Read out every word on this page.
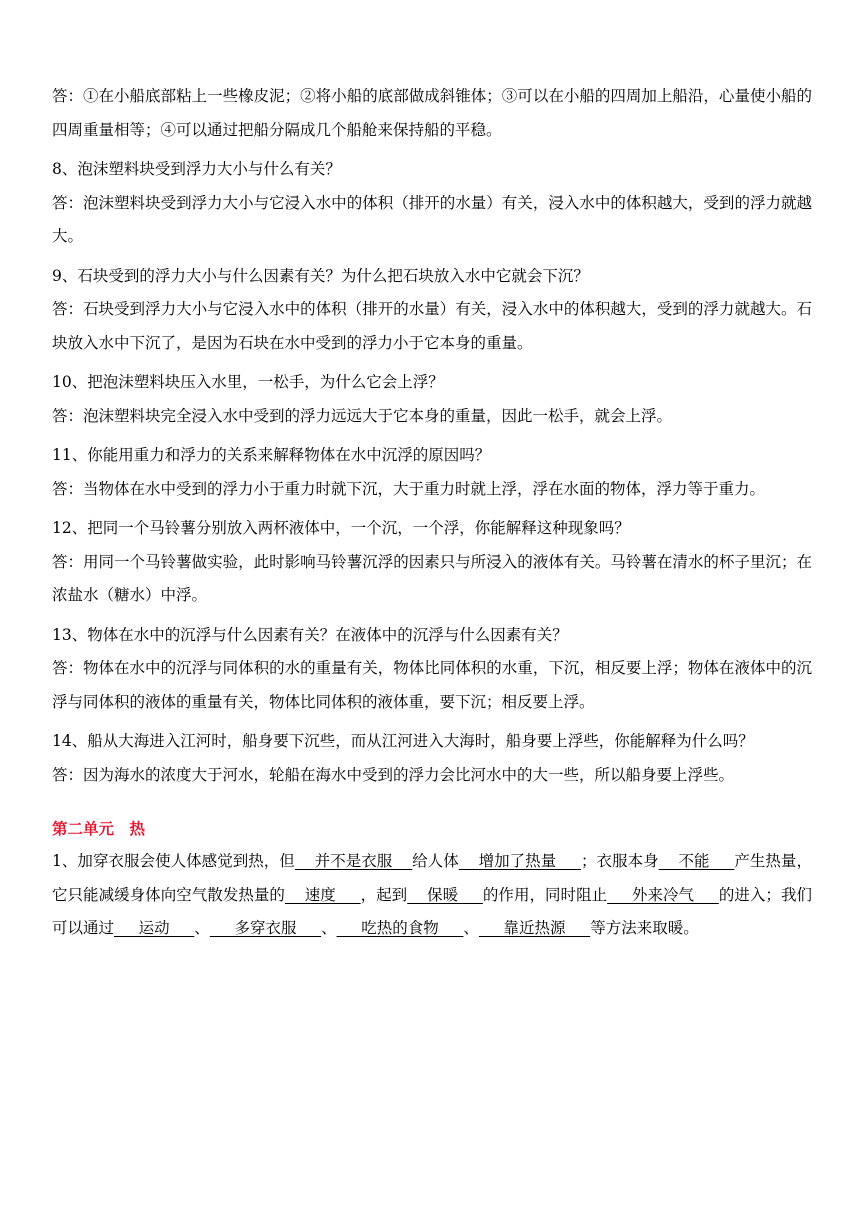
答：①在小船底部粘上一些橡皮泥；②将小船的底部做成斜锥体；③可以在小船的四周加上船沿，心量使小船的四周重量相等；④可以通过把船分隔成几个船舱来保持船的平稳。

8、泡沫塑料块受到浮力大小与什么有关？

答：泡沫塑料块受到浮力大小与它浸入水中的体积（排开的水量）有关，浸入水中的体积越大，受到的浮力就越大。

9、石块受到的浮力大小与什么因素有关？为什么把石块放入水中它就会下沉？

答：石块受到浮力大小与它浸入水中的体积（排开的水量）有关，浸入水中的体积越大，受到的浮力就越大。石块放入水中下沉了，是因为石块在水中受到的浮力小于它本身的重量。

10、把泡沫塑料块压入水里，一松手，为什么它会上浮？

答：泡沫塑料块完全浸入水中受到的浮力远远大于它本身的重量，因此一松手，就会上浮。

11、你能用重力和浮力的关系来解释物体在水中沉浮的原因吗？

答：当物体在水中受到的浮力小于重力时就下沉，大于重力时就上浮，浮在水面的物体，浮力等于重力。

12、把同一个马铃薯分别放入两杯液体中，一个沉，一个浮，你能解释这种现象吗？

答：用同一个马铃薯做实验，此时影响马铃薯沉浮的因素只与所浸入的液体有关。马铃薯在清水的杯子里沉；在浓盐水（糖水）中浮。

13、物体在水中的沉浮与什么因素有关？在液体中的沉浮与什么因素有关？

答：物体在水中的沉浮与同体积的水的重量有关，物体比同体积的水重，下沉，相反要上浮；物体在液体中的沉浮与同体积的液体的重量有关，物体比同体积的液体重，要下沉；相反要上浮。

14、船从大海进入江河时，船身要下沉些，而从江河进入大海时，船身要上浮些，你能解释为什么吗？

答：因为海水的浓度大于河水，轮船在海水中受到的浮力会比河水中的大一些，所以船身要上浮些。

第二单元　热

1、加穿衣服会使人体感觉到热，但    并不是衣服    给人体    增加了热量     ；衣服本身    不能     产生热量，它只能减缓身体向空气散发热量的    速度     ，起到    保暖     的作用，同时阻止     外来冷气     的进入；我们可以通过     运动     、     多穿衣服     、     吃热的食物     、     靠近热源     等方法来取暖。
